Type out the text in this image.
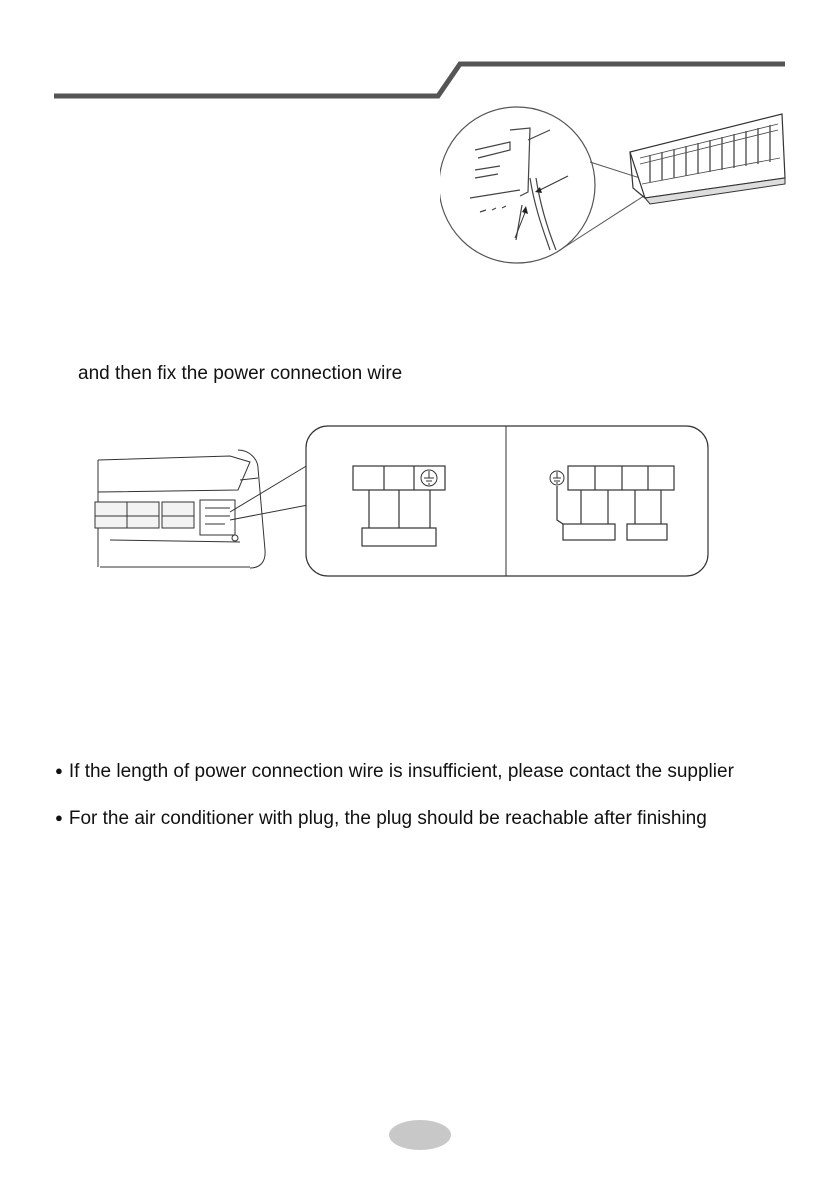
and then fix the power connection wire
● If the length of power connection wire is insufficient, please contact the supplier
● For the air conditioner with plug, the plug should be reachable after finishing
